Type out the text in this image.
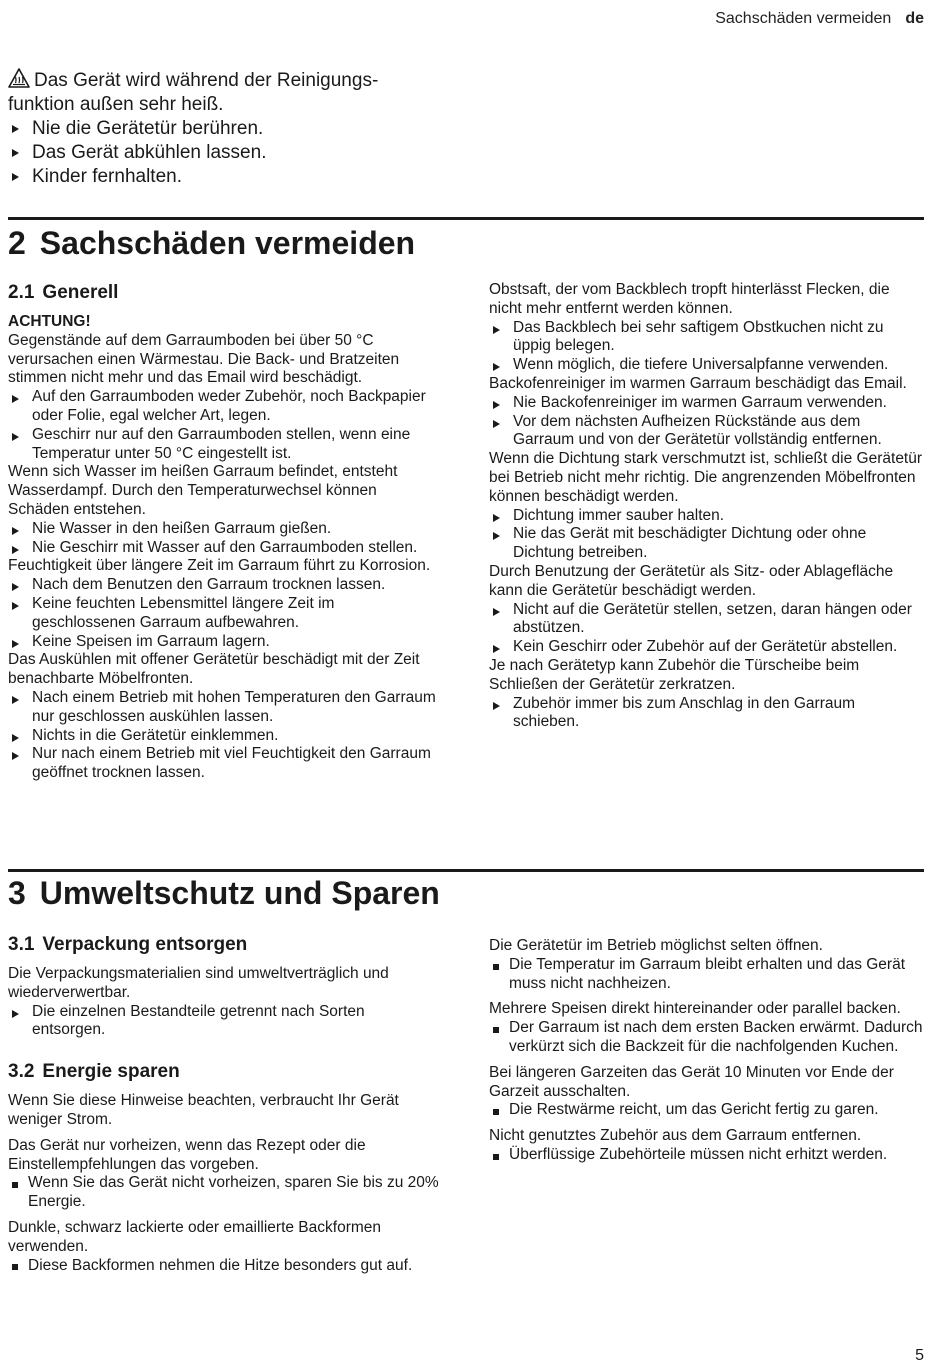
Sachschäden vermeiden de
Das Gerät wird während der Reinigungs-
funktion außen sehr heiß.
Nie die Gerätetür berühren.
Das Gerät abkühlen lassen.
Kinder fernhalten.
2 Sachschäden vermeiden
2.1 Generell
ACHTUNG!
Gegenstände auf dem Garraumboden bei über 50 °C verursachen einen Wärmestau. Die Back- und Bratzeiten stimmen nicht mehr und das Email wird beschädigt.
Auf den Garraumboden weder Zubehör, noch Backpapier oder Folie, egal welcher Art, legen.
Geschirr nur auf den Garraumboden stellen, wenn eine Temperatur unter 50 °C eingestellt ist.
Wenn sich Wasser im heißen Garraum befindet, entsteht Wasserdampf. Durch den Temperaturwechsel können Schäden entstehen.
Nie Wasser in den heißen Garraum gießen.
Nie Geschirr mit Wasser auf den Garraumboden stellen.
Feuchtigkeit über längere Zeit im Garraum führt zu Korrosion.
Nach dem Benutzen den Garraum trocknen lassen.
Keine feuchten Lebensmittel längere Zeit im geschlossenen Garraum aufbewahren.
Keine Speisen im Garraum lagern.
Das Auskühlen mit offener Gerätetür beschädigt mit der Zeit benachbarte Möbelfronten.
Nach einem Betrieb mit hohen Temperaturen den Garraum nur geschlossen auskühlen lassen.
Nichts in die Gerätetür einklemmen.
Nur nach einem Betrieb mit viel Feuchtigkeit den Garraum geöffnet trocknen lassen.
Obstsaft, der vom Backblech tropft hinterlässt Flecken, die nicht mehr entfernt werden können.
Das Backblech bei sehr saftigem Obstkuchen nicht zu üppig belegen.
Wenn möglich, die tiefere Universalpfanne verwenden.
Backofenreiniger im warmen Garraum beschädigt das Email.
Nie Backofenreiniger im warmen Garraum verwenden.
Vor dem nächsten Aufheizen Rückstände aus dem Garraum und von der Gerätetür vollständig entfernen.
Wenn die Dichtung stark verschmutzt ist, schließt die Gerätetür bei Betrieb nicht mehr richtig. Die angrenzenden Möbelfronten können beschädigt werden.
Dichtung immer sauber halten.
Nie das Gerät mit beschädigter Dichtung oder ohne Dichtung betreiben.
Durch Benutzung der Gerätetür als Sitz- oder Ablagefläche kann die Gerätetür beschädigt werden.
Nicht auf die Gerätetür stellen, setzen, daran hängen oder abstützen.
Kein Geschirr oder Zubehör auf der Gerätetür abstellen.
Je nach Gerätetyp kann Zubehör die Türscheibe beim Schließen der Gerätetür zerkratzen.
Zubehör immer bis zum Anschlag in den Garraum schieben.
3 Umweltschutz und Sparen
3.1 Verpackung entsorgen
Die Verpackungsmaterialien sind umweltverträglich und wiederverwertbar.
Die einzelnen Bestandteile getrennt nach Sorten entsorgen.
3.2 Energie sparen
Wenn Sie diese Hinweise beachten, verbraucht Ihr Gerät weniger Strom.
Das Gerät nur vorheizen, wenn das Rezept oder die Einstellempfehlungen das vorgeben.
Wenn Sie das Gerät nicht vorheizen, sparen Sie bis zu 20% Energie.
Dunkle, schwarz lackierte oder emaillierte Backformen verwenden.
Diese Backformen nehmen die Hitze besonders gut auf.
Die Gerätetür im Betrieb möglichst selten öffnen.
Die Temperatur im Garraum bleibt erhalten und das Gerät muss nicht nachheizen.
Mehrere Speisen direkt hintereinander oder parallel backen.
Der Garraum ist nach dem ersten Backen erwärmt. Dadurch verkürzt sich die Backzeit für die nachfolgenden Kuchen.
Bei längeren Garzeiten das Gerät 10 Minuten vor Ende der Garzeit ausschalten.
Die Restwärme reicht, um das Gericht fertig zu garen.
Nicht genutztes Zubehör aus dem Garraum entfernen.
Überflüssige Zubehörteile müssen nicht erhitzt werden.
5
